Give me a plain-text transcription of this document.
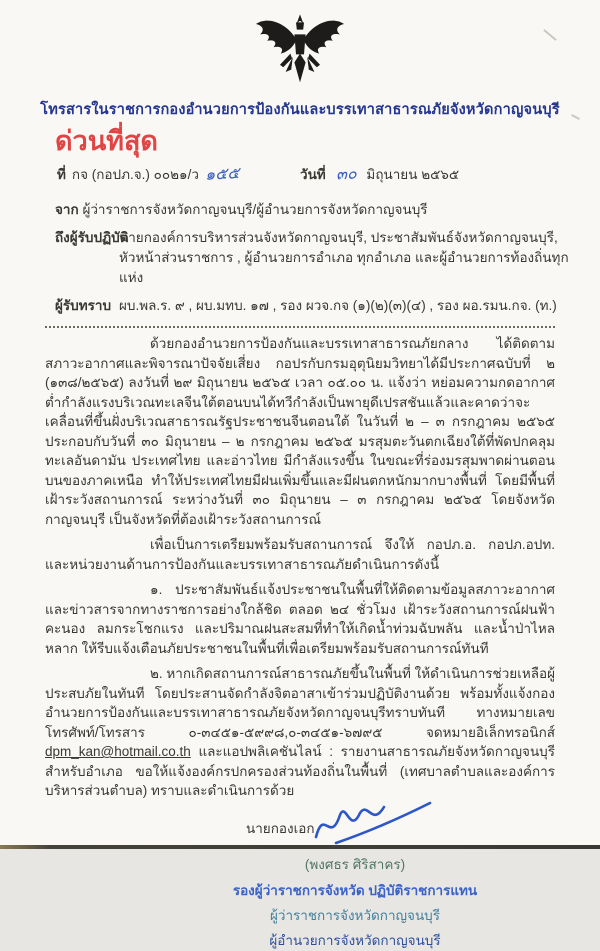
โทรสารในราชการกองอำนวยการป้องกันและบรรเทาสาธารณภัยจังหวัดกาญจนบุรี
ด่วนที่สุด
ที่ กจ (กอปภ.จ.) ๐๐๒๑/ว ๑๕๕	วันที่ ๓๐ มิถุนายน ๒๕๖๕
จาก ผู้ว่าราชการจังหวัดกาญจนบุรี/ผู้อำนวยการจังหวัดกาญจนบุรี
ถึงผู้รับปฏิบัติ
นายกองค์การบริหารส่วนจังหวัดกาญจนบุรี, ประชาสัมพันธ์จังหวัดกาญจนบุรี,
หัวหน้าส่วนราชการ , ผู้อำนวยการอำเภอ ทุกอำเภอ และผู้อำนวยการท้องถิ่นทุกแห่ง
ผู้รับทราบ ผบ.พล.ร. ๙ , ผบ.มทบ. ๑๗ , รอง ผวจ.กจ (๑)(๒)(๓)(๔) , รอง ผอ.รมน.กจ. (ท.)

ด้วยกองอำนวยการป้องกันและบรรเทาสาธารณภัยกลาง ได้ติดตามสภาวะอากาศและพิจารณาปัจจัยเสี่ยง กอปรกับกรมอุตุนิยมวิทยาได้มีประกาศฉบับที่ ๒ (๑๓๘/๒๕๖๕) ลงวันที่ ๒๙ มิถุนายน ๒๕๖๕ เวลา ๐๕.๐๐ น. แจ้งว่า หย่อมความกดอากาศต่ำกำลังแรงบริเวณทะเลจีนใต้ตอนบนได้ทวีกำลังเป็นพายุดีเปรสชันแล้วและคาดว่าจะเคลื่อนที่ขึ้นฝั่งบริเวณสาธารณรัฐประชาชนจีนตอนใต้ ในวันที่ ๒ – ๓ กรกฎาคม ๒๕๖๕ ประกอบกับวันที่ ๓๐ มิถุนายน – ๒ กรกฎาคม ๒๕๖๕ มรสุมตะวันตกเฉียงใต้ที่พัดปกคลุมทะเลอันดามัน ประเทศไทย และอ่าวไทย มีกำลังแรงขึ้น ในขณะที่ร่องมรสุมพาดผ่านตอนบนของภาคเหนือ ทำให้ประเทศไทยมีฝนเพิ่มขึ้นและมีฝนตกหนักมากบางพื้นที่ โดยมีพื้นที่เฝ้าระวังสถานการณ์ ระหว่างวันที่ ๓๐ มิถุนายน – ๓ กรกฎาคม ๒๕๖๕ โดยจังหวัดกาญจนบุรี เป็นจังหวัดที่ต้องเฝ้าระวังสถานการณ์

เพื่อเป็นการเตรียมพร้อมรับสถานการณ์ จึงให้ กอปภ.อ. กอปภ.อปท. และหน่วยงานด้านการป้องกันและบรรเทาสาธารณภัยดำเนินการดังนี้

๑. ประชาสัมพันธ์แจ้งประชาชนในพื้นที่ให้ติดตามข้อมูลสภาวะอากาศ และข่าวสารจากทางราชการอย่างใกล้ชิด ตลอด ๒๔ ชั่วโมง เฝ้าระวังสถานการณ์ฝนฟ้าคะนอง ลมกระโชกแรง และปริมาณฝนสะสมที่ทำให้เกิดน้ำท่วมฉับพลัน และน้ำป่าไหลหลาก ให้รีบแจ้งเตือนภัยประชาชนในพื้นที่เพื่อเตรียมพร้อมรับสถานการณ์ทันที

๒. หากเกิดสถานการณ์สาธารณภัยขึ้นในพื้นที่ ให้ดำเนินการช่วยเหลือผู้ประสบภัยในทันที โดยประสานจัดกำลังจิตอาสาเข้าร่วมปฏิบัติงานด้วย พร้อมทั้งแจ้งกองอำนวยการป้องกันและบรรเทาสาธารณภัยจังหวัดกาญจนบุรีทราบทันที ทางหมายเลขโทรศัพท์/โทรสาร ๐-๓๔๕๑-๕๙๙๘,๐-๓๔๕๑-๖๗๙๕ จดหมายอิเล็กทรอนิกส์ dpm_kan@hotmail.co.th และแอปพลิเคชันไลน์ : รายงานสาธารณภัยจังหวัดกาญจนบุรี สำหรับอำเภอ ขอให้แจ้งองค์กรปกครองส่วนท้องถิ่นในพื้นที่ (เทศบาลตำบลและองค์การบริหารส่วนตำบล) ทราบและดำเนินการด้วย

นายกองเอก
(พงศธร ศิริสาคร)
รองผู้ว่าราชการจังหวัด ปฏิบัติราชการแทน
ผู้ว่าราชการจังหวัดกาญจนบุรี
ผู้อำนวยการจังหวัดกาญจนบุรี
